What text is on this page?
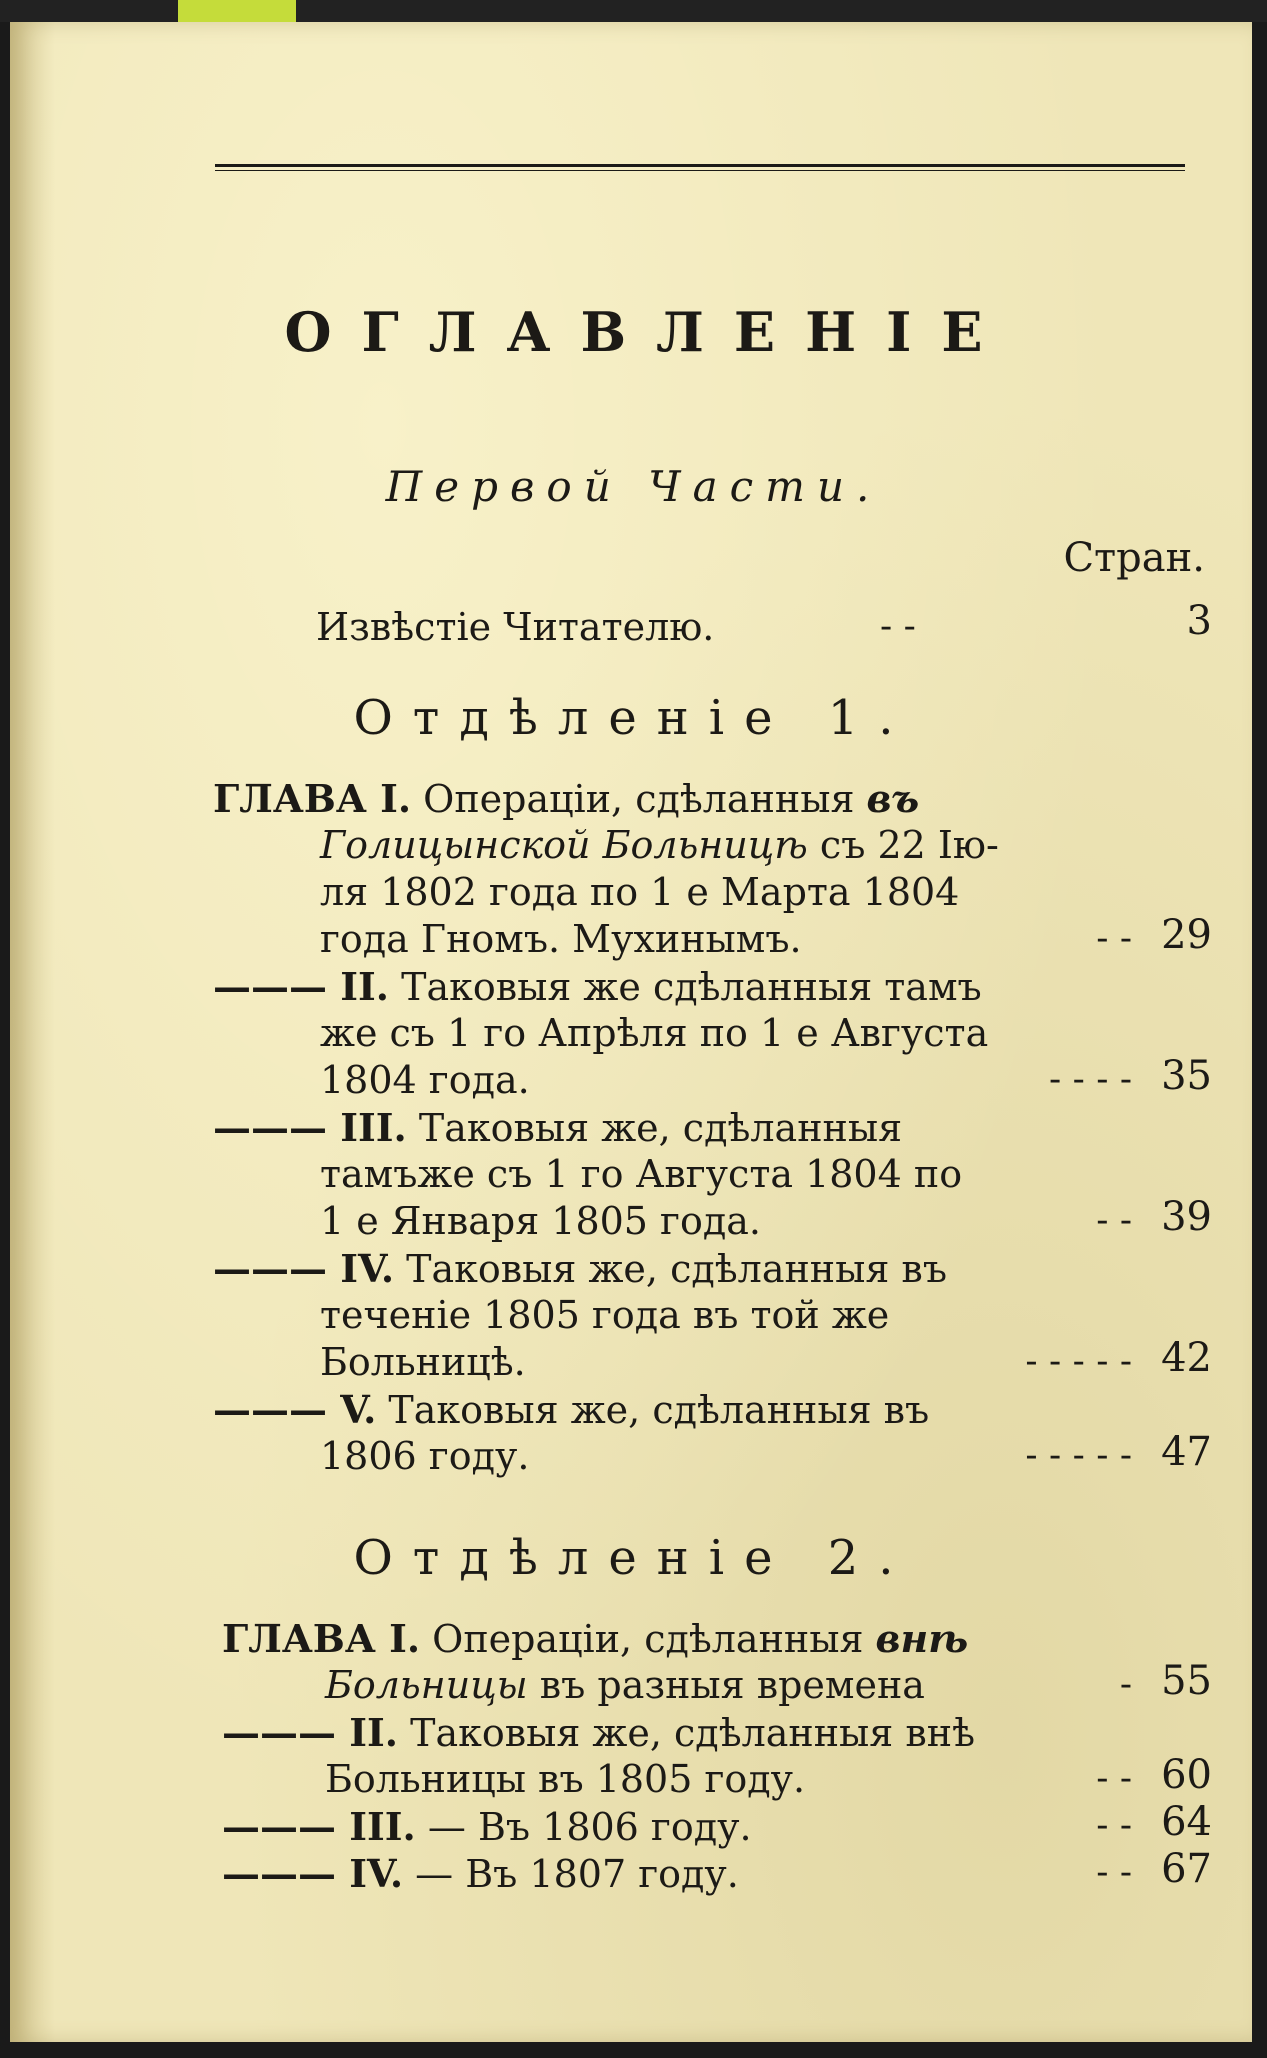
ОГЛАВЛЕНІЕ
Первой Части.
Стран.
Извѣстіе Читателю.	- -	3
Отдѣленіе 1.
ГЛАВА I. Операціи, сдѣланныя въ
Голицынской Больницѣ съ 22 Ію-
ля 1802 года по 1 е Марта 1804
года Гномъ. Мухинымъ.	- - 29
——— II. Таковыя же сдѣланныя тамъ
же съ 1 го Апрѣля по 1 е Августа
1804 года.	- - - - 35
——— III. Таковыя же, сдѣланныя
тамъже съ 1 го Августа 1804 по
1 е Января 1805 года.	- - 39
——— IV. Таковыя же, сдѣланныя въ
теченіе 1805 года въ той же
Больницѣ.	- - - - - 42
——— V. Таковыя же, сдѣланныя въ
1806 году.	- - - - - 47
Отдѣленіе 2.
ГЛАВА I. Операціи, сдѣланныя внѣ
Больницы въ разныя времена	- 55
——— II. Таковыя же, сдѣланныя внѣ
Больницы въ 1805 году.	- - 60
——— III. — Въ 1806 году.	- - 64
——— IV. — Въ 1807 году.	- - 67
